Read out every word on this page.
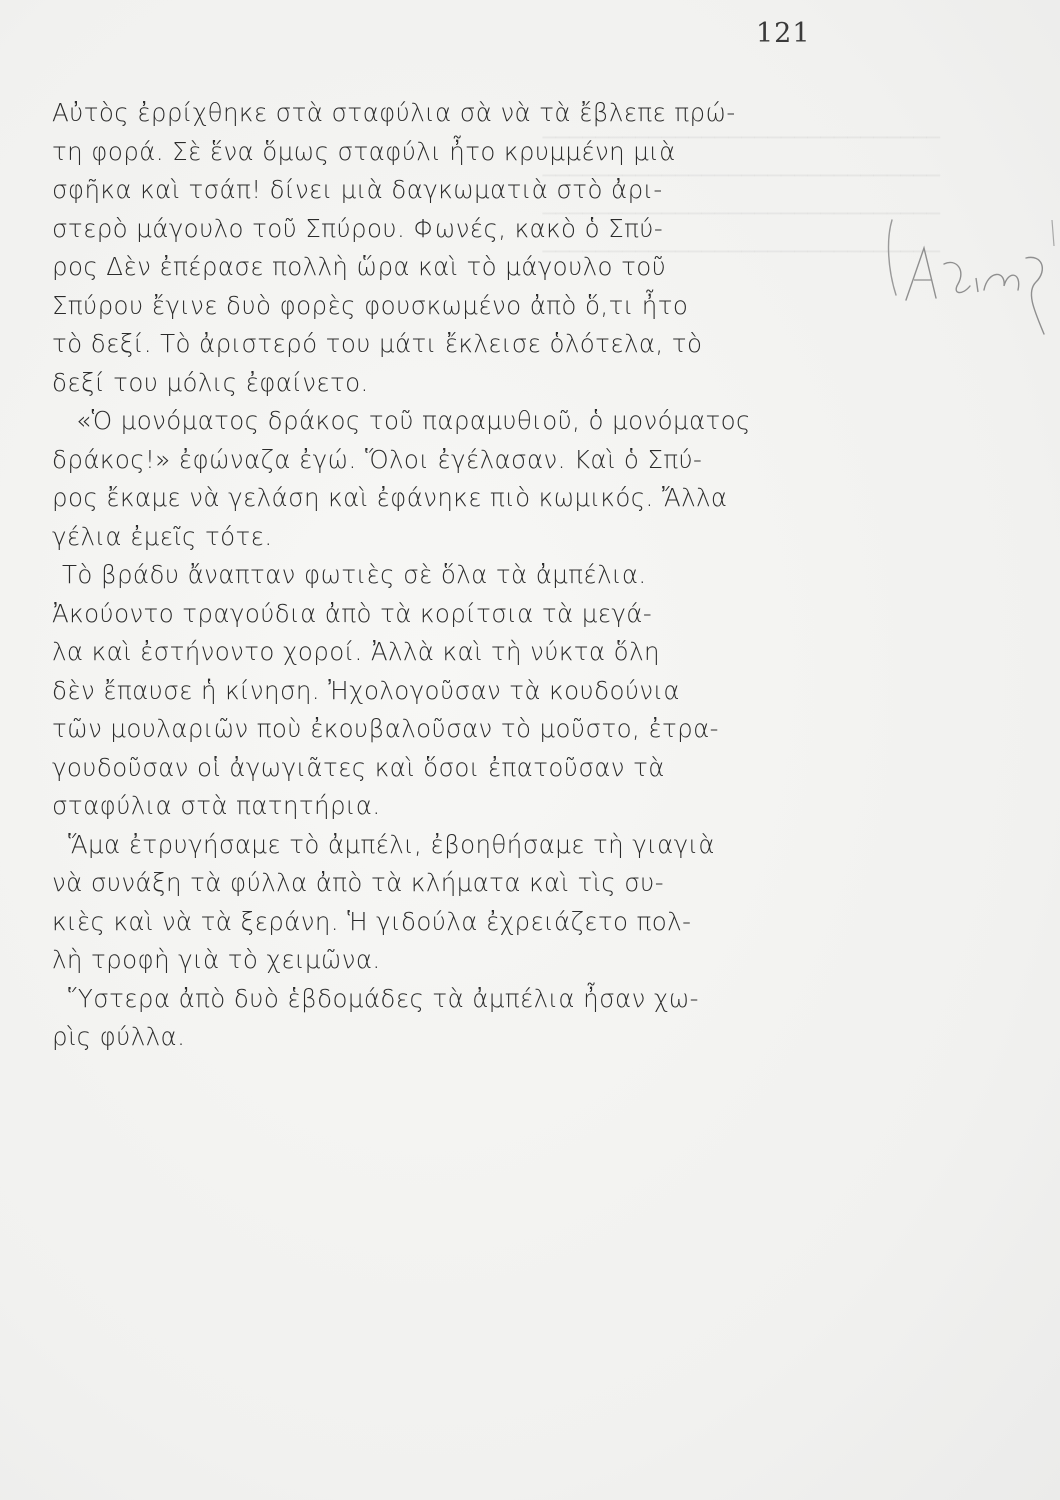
──────────────────────────────
──────────────────────────────
──────────────────────────────
──────────────────────────────
121
Αὐτὸς ἐρρίχθηκε στὰ σταφύλια σὰ νὰ τὰ ἔβλεπε πρώ-
τη φορά. Σὲ ἕνα ὅμως σταφύλι ἦτο κρυμμένη μιὰ
σφῆκα καὶ τσάπ! δίνει μιὰ δαγκωματιὰ στὸ ἀρι-
στερὸ μάγουλο τοῦ Σπύρου. Φωνές, κακὸ ὁ Σπύ-
ρος Δὲν ἐπέρασε πολλὴ ὥρα καὶ τὸ μάγουλο τοῦ
Σπύρου ἔγινε δυὸ φορὲς φουσκωμένο ἀπὸ ὅ,τι ἦτο
τὸ δεξί. Τὸ ἀριστερό του μάτι ἔκλεισε ὁλότελα, τὸ
δεξί του μόλις ἐφαίνετο.
«Ὁ μονόματος δράκος τοῦ παραμυθιοῦ, ὁ μονόματος
δράκος!» ἐφώναζα ἐγώ. Ὅλοι ἐγέλασαν. Καὶ ὁ Σπύ-
ρος ἔκαμε νὰ γελάση καὶ ἐφάνηκε πιὸ κωμικός. Ἄλλα
γέλια ἐμεῖς τότε.
Τὸ βράδυ ἄναπταν φωτιὲς σὲ ὅλα τὰ ἀμπέλια.
Ἀκούοντο τραγούδια ἀπὸ τὰ κορίτσια τὰ μεγά-
λα καὶ ἐστήνοντο χοροί. Ἀλλὰ καὶ τὴ νύκτα ὅλη
δὲν ἔπαυσε ἡ κίνηση. Ἠχολογοῦσαν τὰ κουδούνια
τῶν μουλαριῶν ποὺ ἐκουβαλοῦσαν τὸ μοῦστο, ἐτρα-
γουδοῦσαν οἱ ἀγωγιᾶτες καὶ ὅσοι ἐπατοῦσαν τὰ
σταφύλια στὰ πατητήρια.
Ἅμα ἐτρυγήσαμε τὸ ἀμπέλι, ἐβοηθήσαμε τὴ γιαγιὰ
νὰ συνάξη τὰ φύλλα ἀπὸ τὰ κλήματα καὶ τὶς συ-
κιὲς καὶ νὰ τὰ ξεράνη. Ἡ γιδούλα ἐχρειάζετο πολ-
λὴ τροφὴ γιὰ τὸ χειμῶνα.
Ὕστερα ἀπὸ δυὸ ἑβδομάδες τὰ ἀμπέλια ἦσαν χω-
ρὶς φύλλα.
